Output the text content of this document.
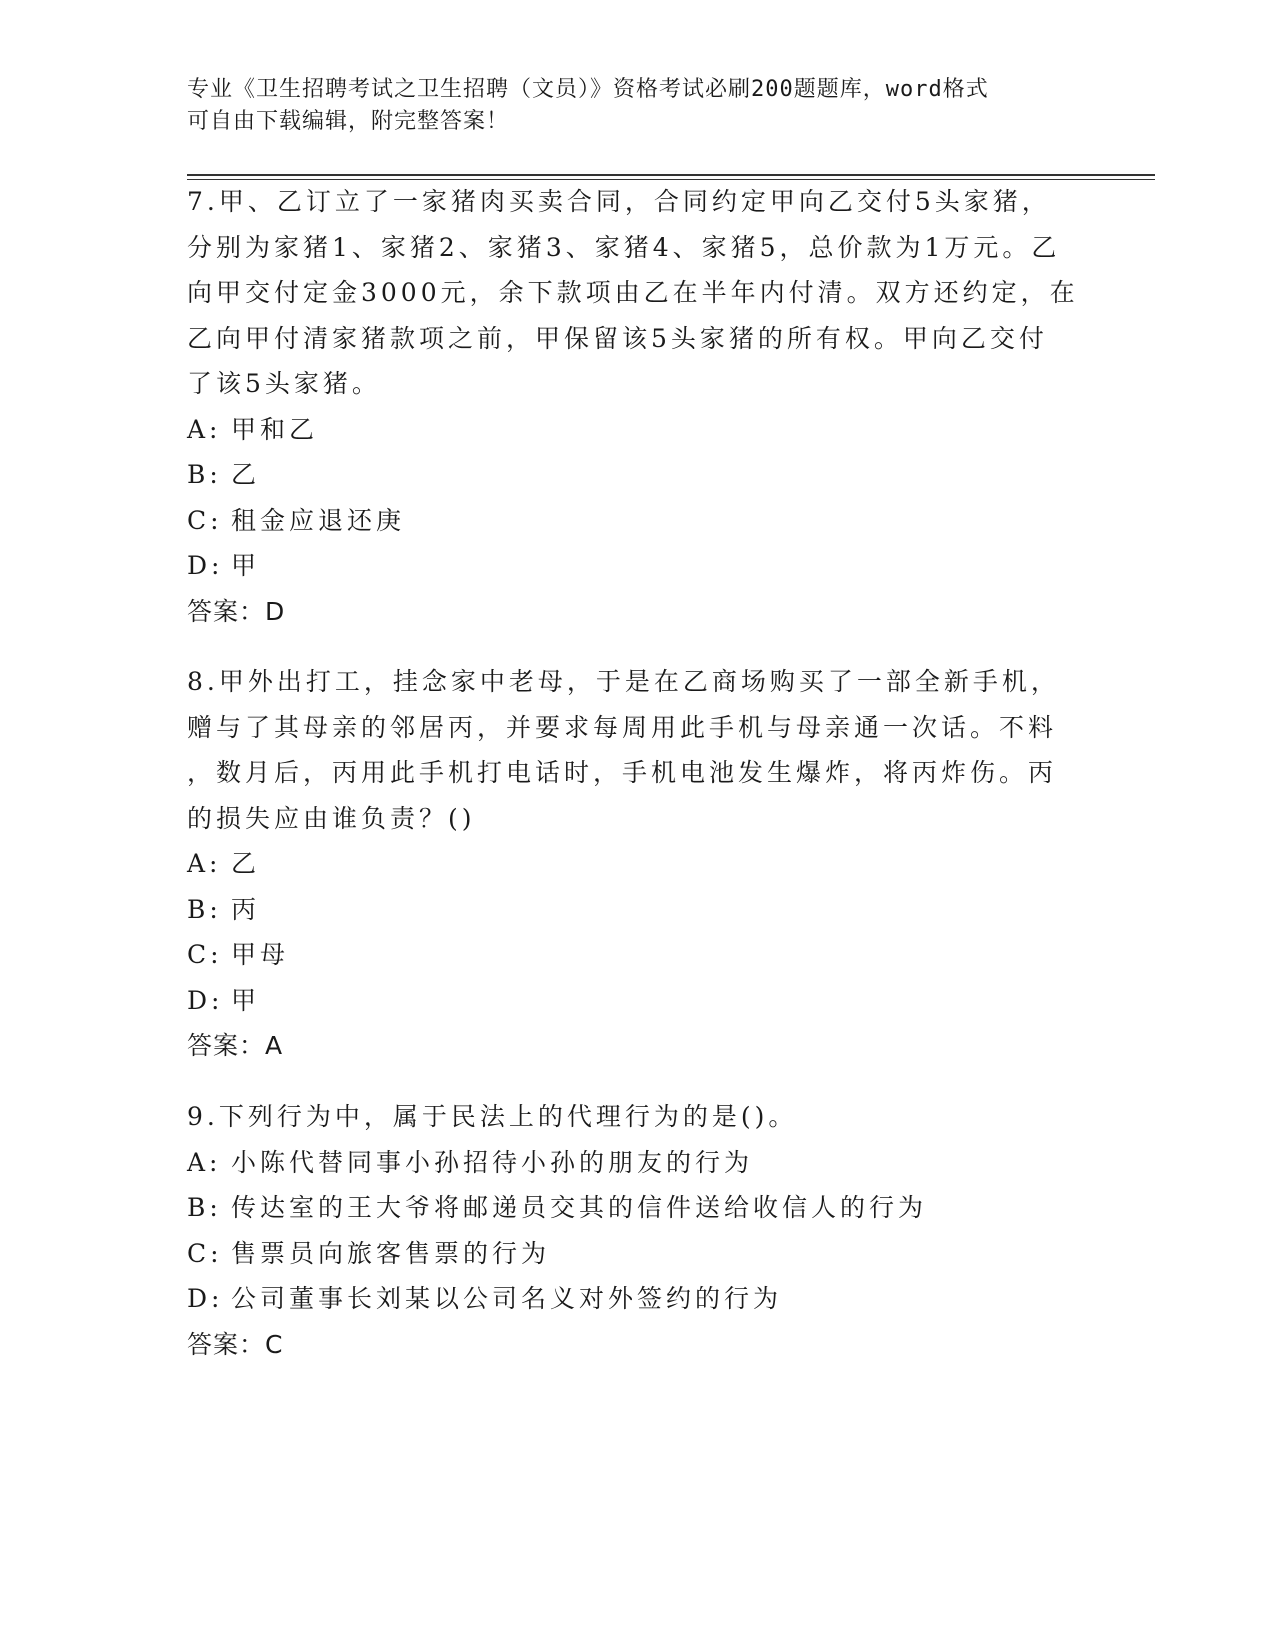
专业《卫生招聘考试之卫生招聘（文员）》资格考试必刷200题题库，word格式
可自由下载编辑，附完整答案！

7.甲、乙订立了一家猪肉买卖合同，合同约定甲向乙交付5头家猪，
分别为家猪1、家猪2、家猪3、家猪4、家猪5，总价款为1万元。乙
向甲交付定金3000元，余下款项由乙在半年内付清。双方还约定，在
乙向甲付清家猪款项之前，甲保留该5头家猪的所有权。甲向乙交付
了该5头家猪。

A: 甲和乙
B: 乙
C: 租金应退还庚
D: 甲
答案：D

8.甲外出打工，挂念家中老母，于是在乙商场购买了一部全新手机，
赠与了其母亲的邻居丙，并要求每周用此手机与母亲通一次话。不料
，数月后，丙用此手机打电话时，手机电池发生爆炸，将丙炸伤。丙
的损失应由谁负责？()

A: 乙
B: 丙
C: 甲母
D: 甲
答案：A

9.下列行为中，属于民法上的代理行为的是()。

A: 小陈代替同事小孙招待小孙的朋友的行为
B: 传达室的王大爷将邮递员交其的信件送给收信人的行为
C: 售票员向旅客售票的行为
D: 公司董事长刘某以公司名义对外签约的行为
答案：C
